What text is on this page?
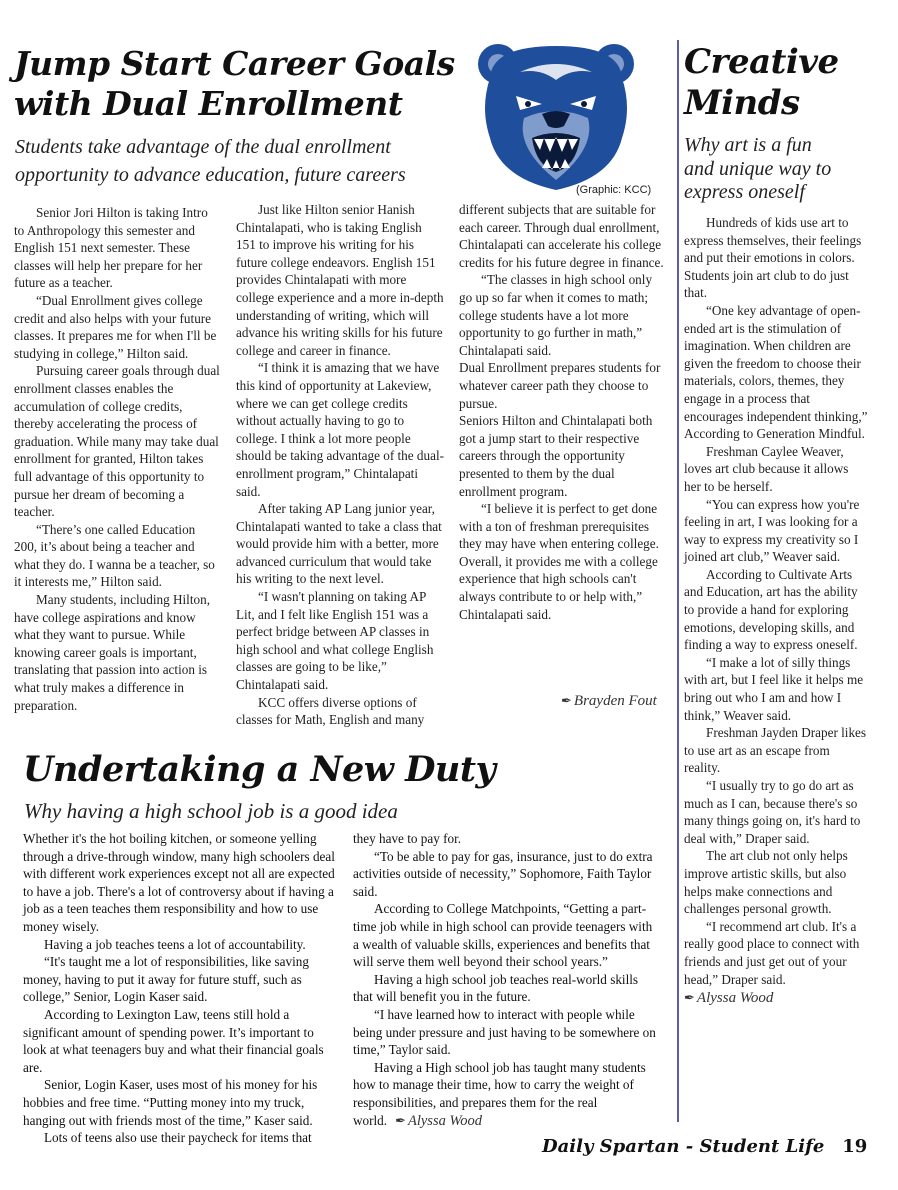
Jump Start Career Goals
with Dual Enrollment
Students take advantage of the dual enrollment
opportunity to advance education, future careers
(Graphic: KCC)

Senior Jori Hilton is taking Intro to Anthropology this semester and English 151 next semester. These classes will help her prepare for her future as a teacher.

“Dual Enrollment gives college credit and also helps with your future classes. It prepares me for when I'll be studying in college,” Hilton said.

Pursuing career goals through dual enrollment classes enables the accumulation of college credits, thereby accelerating the process of graduation. While many may take dual enrollment for granted, Hilton takes full advantage of this opportunity to pursue her dream of becoming a teacher.

“There’s one called Education 200, it’s about being a teacher and what they do. I wanna be a teacher, so it interests me,” Hilton said.

Many students, including Hilton, have college aspirations and know what they want to pursue. While knowing career goals is important, translating that passion into action is what truly makes a difference in preparation.

Just like Hilton senior Hanish Chintalapati, who is taking English 151 to improve his writing for his future college endeavors. English 151 provides Chintalapati with more college experience and a more in-depth understanding of writing, which will advance his writing skills for his future college and career in finance.

“I think it is amazing that we have this kind of opportunity at Lakeview, where we can get college credits without actually having to go to college. I think a lot more people should be taking advantage of the dual-enrollment program,” Chintalapati said.

After taking AP Lang junior year, Chintalapati wanted to take a class that would provide him with a better, more advanced curriculum that would take his writing to the next level.

“I wasn't planning on taking AP Lit, and I felt like English 151 was a perfect bridge between AP classes in high school and what college English classes are going to be like,” Chintalapati said.

KCC offers diverse options of classes for Math, English and many

different subjects that are suitable for each career. Through dual enrollment, Chintalapati can accelerate his college credits for his future degree in finance.

“The classes in high school only go up so far when it comes to math; college students have a lot more opportunity to go further in math,” Chintalapati said.

Dual Enrollment prepares students for whatever career path they choose to pursue.

Seniors Hilton and Chintalapati both got a jump start to their respective careers through the opportunity presented to them by the dual enrollment program.

“I believe it is perfect to get done with a ton of freshman prerequisites they may have when entering college. Overall, it provides me with a college experience that high schools can't always contribute to or help with,” Chintalapati said.

✒ Brayden Fout
Undertaking a New Duty
Why having a high school job is a good idea

Whether it's the hot boiling kitchen, or someone yelling through a drive-through window, many high schoolers deal with different work experiences except not all are expected to have a job. There's a lot of controversy about if having a job as a teen teaches them responsibility and how to use money wisely.

Having a job teaches teens a lot of accountability.

“It's taught me a lot of responsibilities, like saving money, having to put it away for future stuff, such as college,” Senior, Login Kaser said.

According to Lexington Law, teens still hold a significant amount of spending power. It’s important to look at what teenagers buy and what their financial goals are.

Senior, Login Kaser, uses most of his money for his hobbies and free time. “Putting money into my truck, hanging out with friends most of the time,” Kaser said.

Lots of teens also use their paycheck for items that

they have to pay for.

“To be able to pay for gas, insurance, just to do extra activities outside of necessity,” Sophomore, Faith Taylor said.

According to College Matchpoints, “Getting a part-time job while in high school can provide teenagers with a wealth of valuable skills, experiences and benefits that will serve them well beyond their school years.”

Having a high school job teaches real-world skills that will benefit you in the future.

“I have learned how to interact with people while being under pressure and just having to be somewhere on time,” Taylor said.

Having a High school job has taught many students how to manage their time, how to carry the weight of responsibilities, and prepares them for the real world. ✒ Alyssa Wood

Creative
Minds
Why art is a fun
and unique way to
express oneself

Hundreds of kids use art to express themselves, their feelings and put their emotions in colors. Students join art club to do just that.

“One key advantage of open-ended art is the stimulation of imagination. When children are given the freedom to choose their materials, colors, themes, they engage in a process that encourages independent thinking,” According to Generation Mindful.

Freshman Caylee Weaver, loves art club because it allows her to be herself.

“You can express how you're feeling in art, I was looking for a way to express my creativity so I joined art club,” Weaver said.

According to Cultivate Arts and Education, art has the ability to provide a hand for exploring emotions, developing skills, and finding a way to express oneself.

“I make a lot of silly things with art, but I feel like it helps me bring out who I am and how I think,” Weaver said.

Freshman Jayden Draper likes to use art as an escape from reality.

“I usually try to go do art as much as I can, because there's so many things going on, it's hard to deal with,” Draper said.

The art club not only helps improve artistic skills, but also helps make connections and challenges personal growth.

“I recommend art club. It's a really good place to connect with friends and just get out of your head,” Draper said.

✒ Alyssa Wood
Daily Spartan - Student Life 19
